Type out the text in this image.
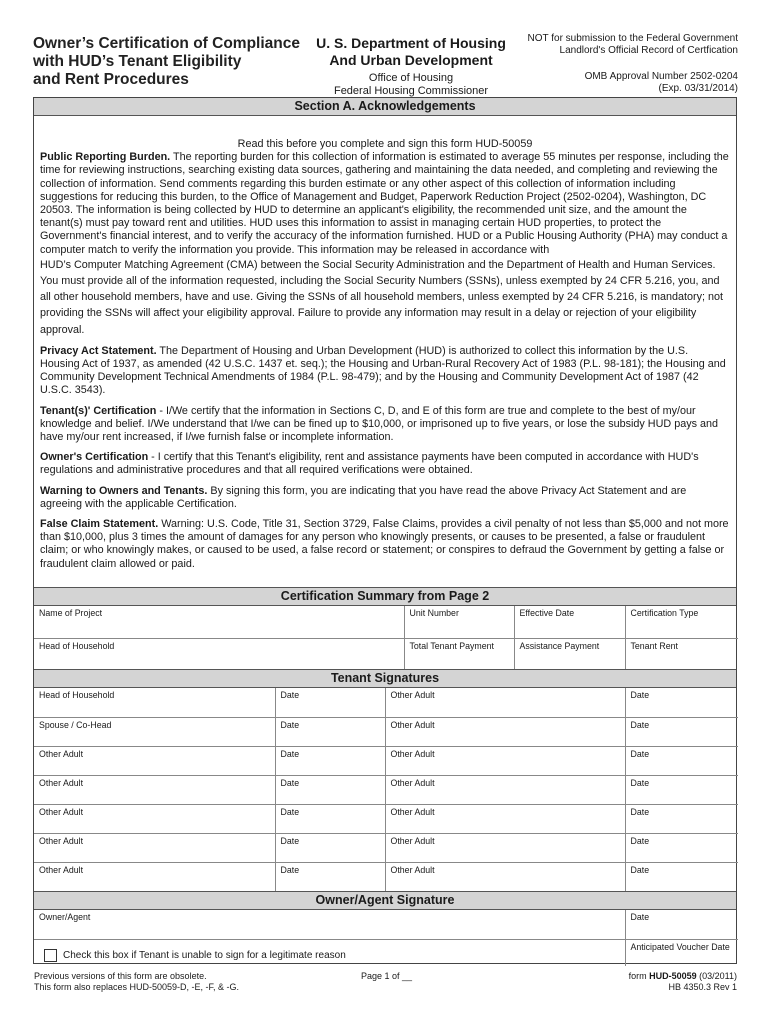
Owner’s Certification of Compliance
with HUD’s Tenant Eligibility
and Rent Procedures
U. S. Department of Housing
And Urban Development
Office of Housing
Federal Housing Commissioner
NOT for submission to the Federal Government
Landlord's Official Record of Certfication
OMB Approval Number 2502-0204
(Exp. 03/31/2014)
Section A. Acknowledgements

Read this before you complete and sign this form HUD-50059

Public Reporting Burden. The reporting burden for this collection of information is estimated to average 55 minutes per response, including the time for reviewing instructions, searching existing data sources, gathering and maintaining the data needed, and completing and reviewing the collection of information. Send comments regarding this burden estimate or any other aspect of this collection of information including suggestions for reducing this burden, to the Office of Management and Budget, Paperwork Reduction Project (2502-0204), Washington, DC 20503. The information is being collected by HUD to determine an applicant's eligibility, the recommended unit size, and the amount the tenant(s) must pay toward rent and utilities. HUD uses this information to assist in managing certain HUD properties, to protect the Government's financial interest, and to verify the accuracy of the information furnished. HUD or a Public Housing Authority (PHA) may conduct a computer match to verify the information you provide. This information may be released in accordance with

HUD’s Computer Matching Agreement (CMA) between the Social Security Administration and the Department of Health and Human Services. You must provide all of the information requested, including the Social Security Numbers (SSNs), unless exempted by 24 CFR 5.216, you, and all other household members, have and use. Giving the SSNs of all household members, unless exempted by 24 CFR 5.216, is mandatory; not providing the SSNs will affect your eligibility approval. Failure to provide any information may result in a delay or rejection of your eligibility approval.

Privacy Act Statement. The Department of Housing and Urban Development (HUD) is authorized to collect this information by the U.S. Housing Act of 1937, as amended (42 U.S.C. 1437 et. seq.); the Housing and Urban-Rural Recovery Act of 1983 (P.L. 98-181); the Housing and Community Development Technical Amendments of 1984 (P.L. 98-479); and by the Housing and Community Development Act of 1987 (42 U.S.C. 3543).

Tenant(s)' Certification - I/We certify that the information in Sections C, D, and E of this form are true and complete to the best of my/our knowledge and belief. I/We understand that I/we can be fined up to $10,000, or imprisoned up to five years, or lose the subsidy HUD pays and have my/our rent increased, if I/we furnish false or incomplete information.

Owner's Certification - I certify that this Tenant's eligibility, rent and assistance payments have been computed in accordance with HUD's regulations and administrative procedures and that all required verifications were obtained.

Warning to Owners and Tenants. By signing this form, you are indicating that you have read the above Privacy Act Statement and are agreeing with the applicable Certification.

False Claim Statement. Warning: U.S. Code, Title 31, Section 3729, False Claims, provides a civil penalty of not less than $5,000 and not more than $10,000, plus 3 times the amount of damages for any person who knowingly presents, or causes to be presented, a false or fraudulent claim; or who knowingly makes, or caused to be used, a false record or statement; or conspires to defraud the Government by getting a false or fraudulent claim allowed or paid.

Certification Summary from Page 2
Name of Project	Unit Number	Effective Date	Certification Type
Head of Household	Total Tenant Payment	Assistance Payment	Tenant Rent
Tenant Signatures
Head of Household	Date	Other Adult	Date
Spouse / Co-Head	Date	Other Adult	Date
Other Adult	Date	Other Adult	Date
Other Adult	Date	Other Adult	Date
Other Adult	Date	Other Adult	Date
Other Adult	Date	Other Adult	Date
Other Adult	Date	Other Adult	Date
Owner/Agent Signature
Owner/Agent	Date
Check this box if Tenant is unable to sign for a legitimate reason	Anticipated Voucher Date
Previous versions of this form are obsolete.
This form also replaces HUD-50059-D, -E, -F, & -G.
Page 1 of __	form HUD-50059 (03/2011)
HB 4350.3 Rev 1
